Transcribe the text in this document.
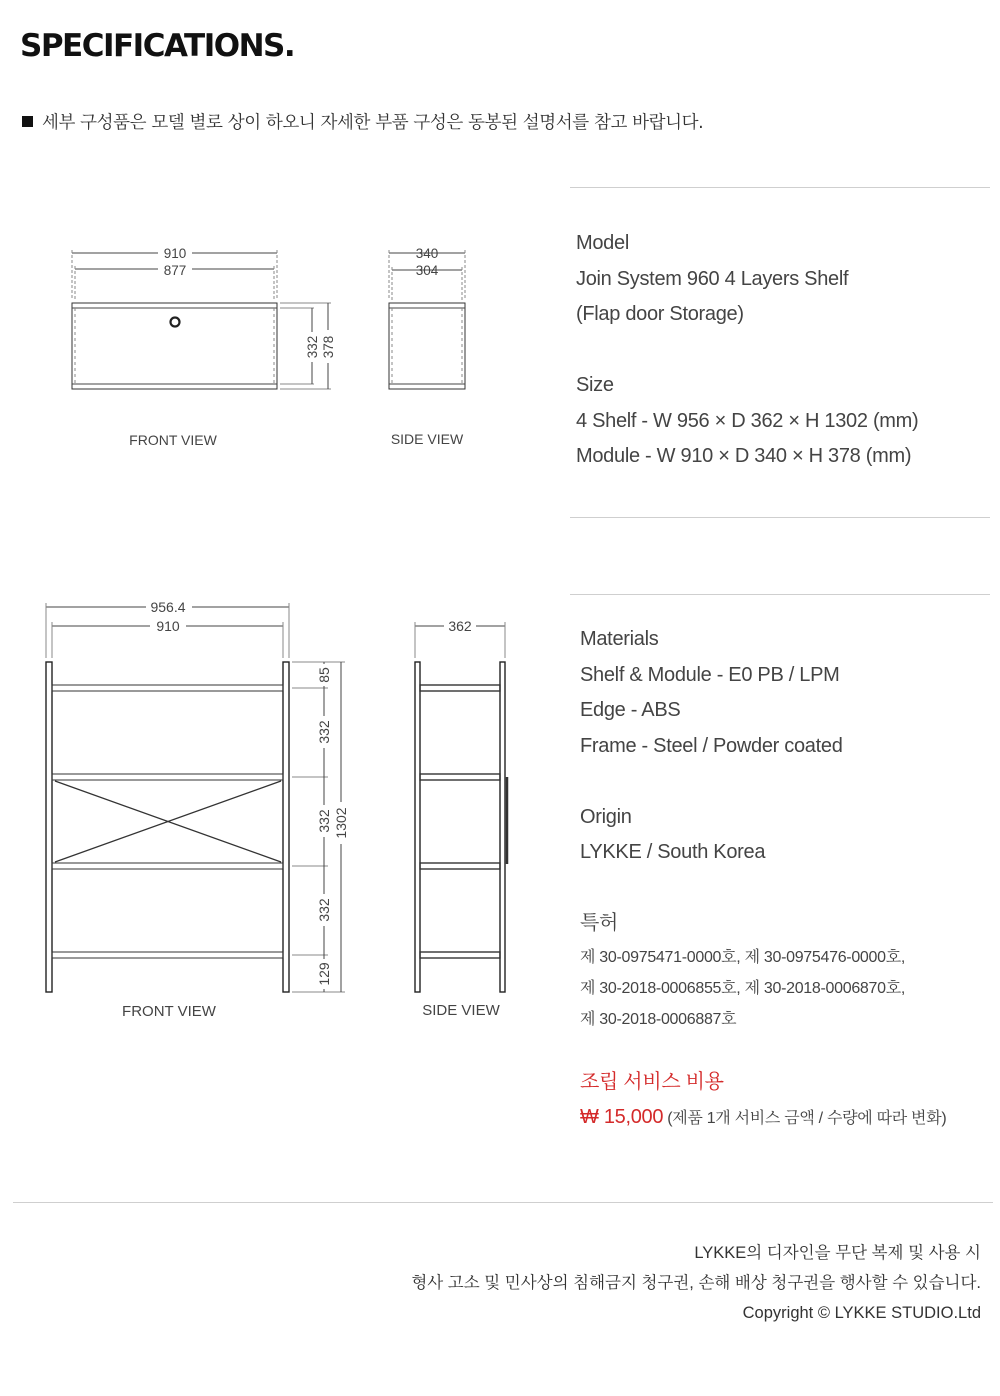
SPECIFICATIONS.
세부 구성품은 모델 별로 상이 하오니 자세한 부품 구성은 동봉된 설명서를 참고 바랍니다.
910
877
340
304
332 378
FRONT VIEW	SIDE VIEW
956.4
910	362
85
332
332
332
129
1302
FRONT VIEW	SIDE VIEW
Model
Join System 960 4 Layers Shelf
(Flap door Storage)
Size
4 Shelf - W 956 × D 362 × H 1302 (mm)
Module - W 910 × D 340 × H 378 (mm)
Materials
Shelf & Module - E0 PB / LPM
Edge - ABS
Frame - Steel / Powder coated
Origin
LYKKE / South Korea
특허
제 30-0975471-0000호, 제 30-0975476-0000호,
제 30-2018-0006855호, 제 30-2018-0006870호,
제 30-2018-0006887호
조립 서비스 비용
₩ 15,000 (제품 1개 서비스 금액 / 수량에 따라 변화)
LYKKE의 디자인을 무단 복제 및 사용 시
형사 고소 및 민사상의 침해금지 청구권, 손해 배상 청구권을 행사할 수 있습니다.
Copyright © LYKKE STUDIO.Ltd
